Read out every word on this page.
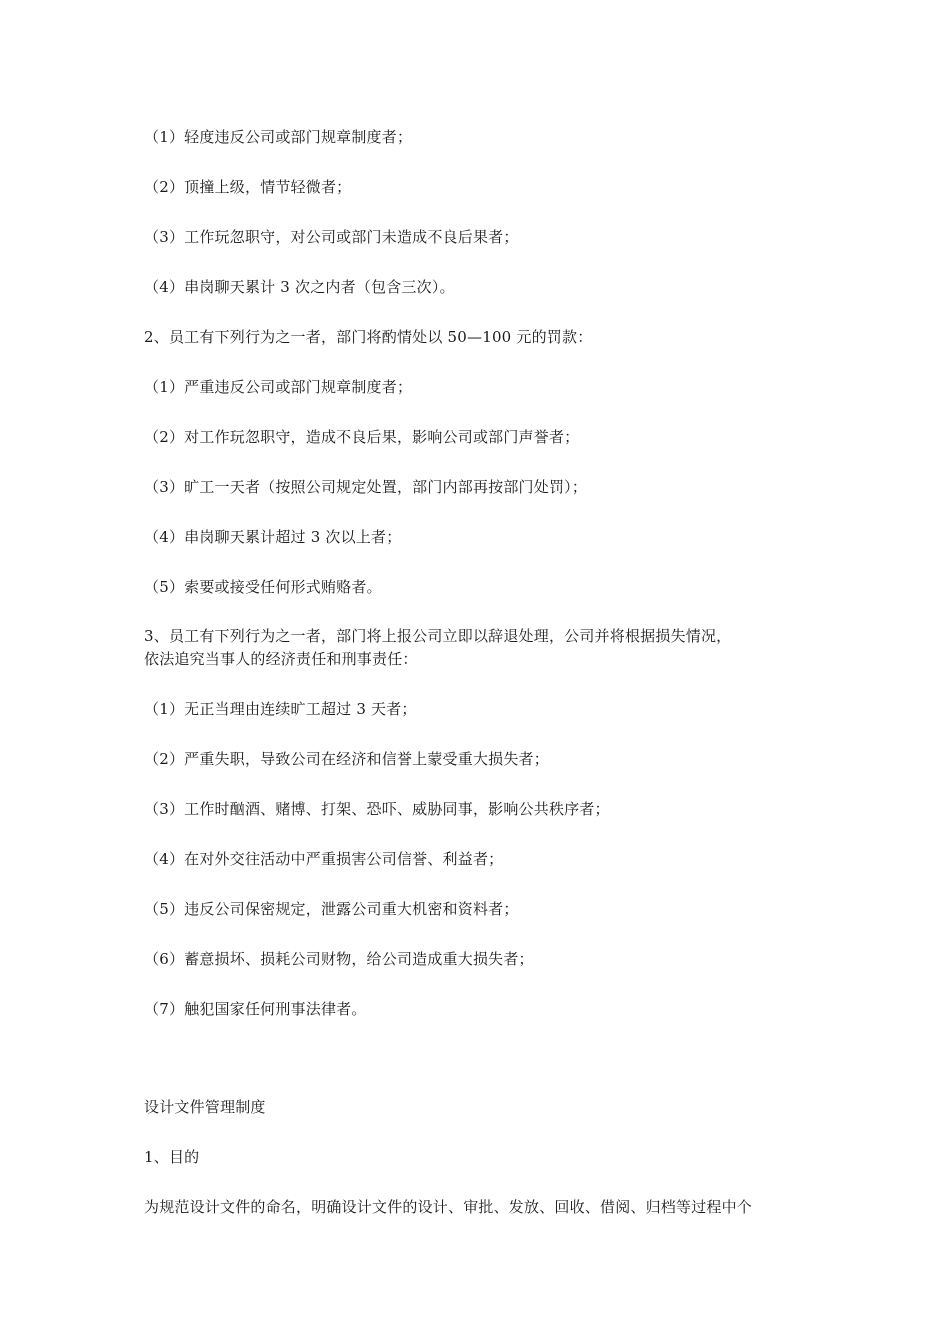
（1）轻度违反公司或部门规章制度者；
（2）顶撞上级，情节轻微者；
（3）工作玩忽职守，对公司或部门未造成不良后果者；
（4）串岗聊天累计 3 次之内者（包含三次）。
2、员工有下列行为之一者，部门将酌情处以 50—100 元的罚款：
（1）严重违反公司或部门规章制度者；
（2）对工作玩忽职守，造成不良后果，影响公司或部门声誉者；
（3）旷工一天者（按照公司规定处置，部门内部再按部门处罚）；
（4）串岗聊天累计超过 3 次以上者；
（5）索要或接受任何形式贿赂者。
3、员工有下列行为之一者，部门将上报公司立即以辞退处理，公司并将根据损失情况，
依法追究当事人的经济责任和刑事责任：
（1）无正当理由连续旷工超过 3 天者；
（2）严重失职，导致公司在经济和信誉上蒙受重大损失者；
（3）工作时酗酒、赌博、打架、恐吓、威胁同事，影响公共秩序者；
（4）在对外交往活动中严重损害公司信誉、利益者；
（5）违反公司保密规定，泄露公司重大机密和资料者；
（6）蓄意损坏、损耗公司财物，给公司造成重大损失者；
（7）触犯国家任何刑事法律者。
设计文件管理制度
1、目的
为规范设计文件的命名，明确设计文件的设计、审批、发放、回收、借阅、归档等过程中个
